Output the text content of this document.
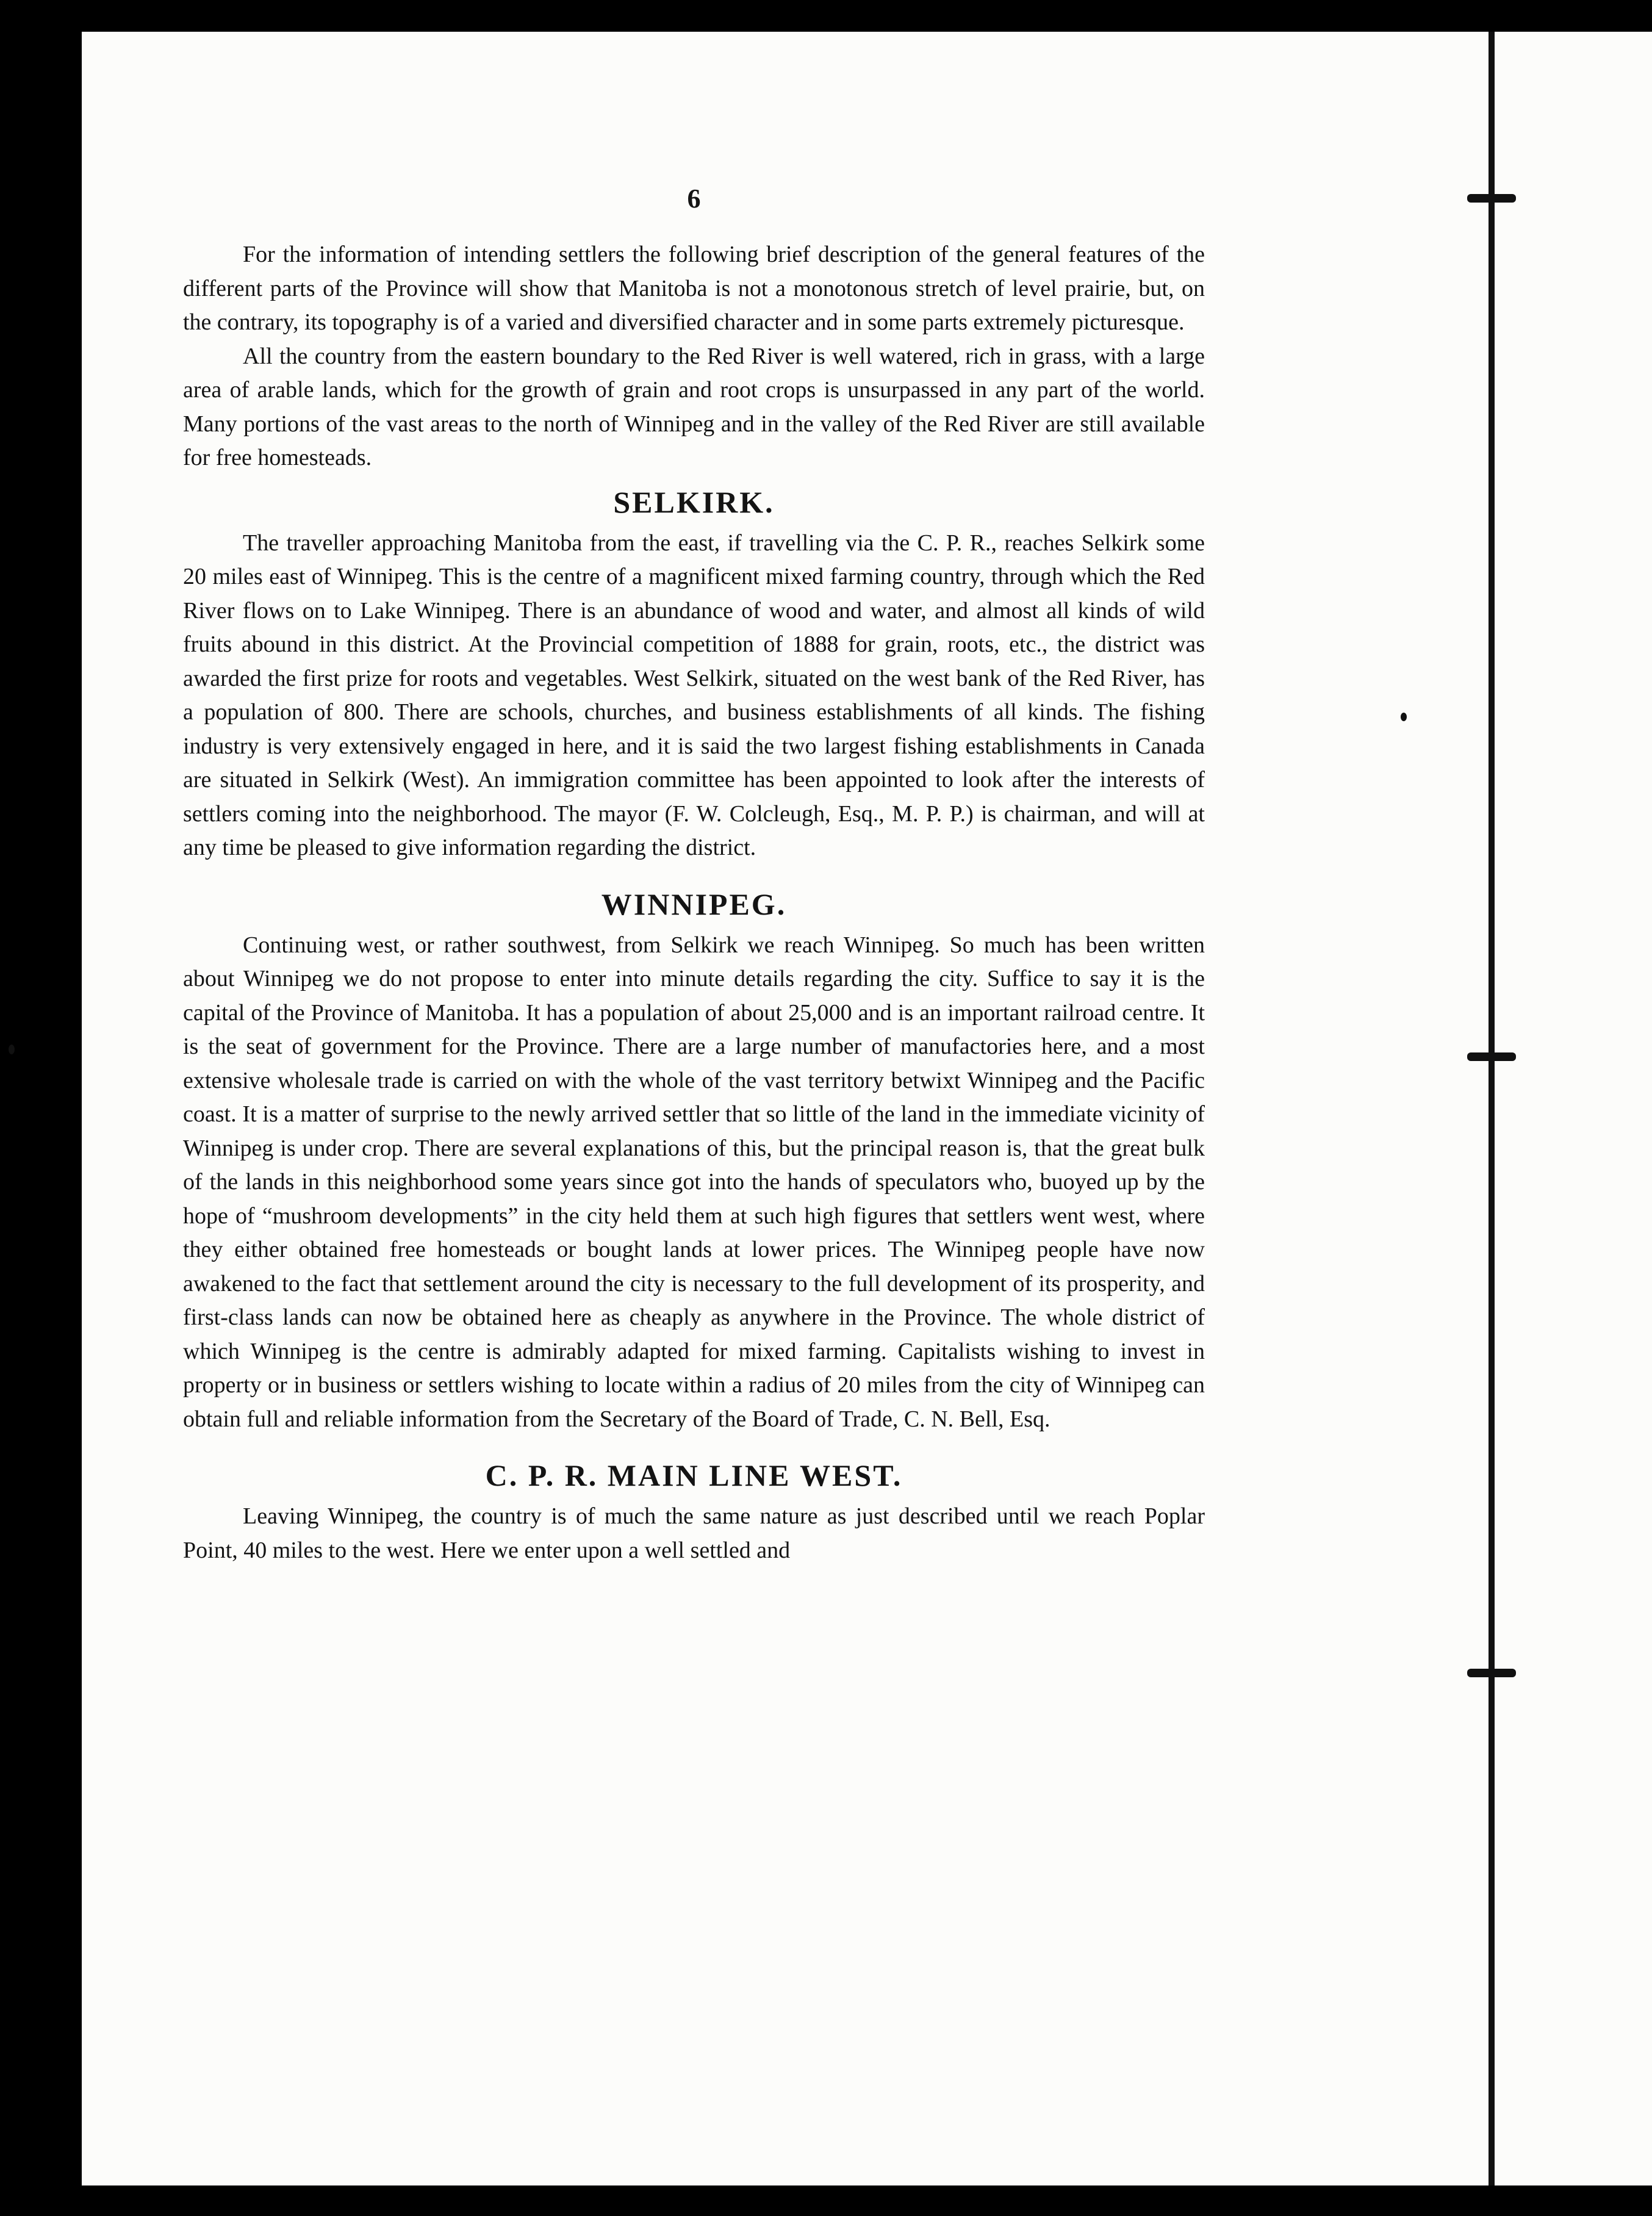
6

For the information of intending settlers the following brief description of the general features of the different parts of the Province will show that Manitoba is not a monotonous stretch of level prairie, but, on the contrary, its topography is of a varied and diversified character and in some parts extremely picturesque.

All the country from the eastern boundary to the Red River is well watered, rich in grass, with a large area of arable lands, which for the growth of grain and root crops is unsurpassed in any part of the world. Many portions of the vast areas to the north of Winnipeg and in the valley of the Red River are still available for free homesteads.

SELKIRK.

The traveller approaching Manitoba from the east, if travelling via the C. P. R., reaches Selkirk some 20 miles east of Winnipeg. This is the centre of a magnificent mixed farming country, through which the Red River flows on to Lake Winnipeg. There is an abundance of wood and water, and almost all kinds of wild fruits abound in this district. At the Provincial competition of 1888 for grain, roots, etc., the district was awarded the first prize for roots and vegetables. West Selkirk, situated on the west bank of the Red River, has a population of 800. There are schools, churches, and business establishments of all kinds. The fishing industry is very extensively engaged in here, and it is said the two largest fishing establishments in Canada are situated in Selkirk (West). An immigration committee has been appointed to look after the interests of settlers coming into the neighborhood. The mayor (F. W. Colcleugh, Esq., M. P. P.) is chairman, and will at any time be pleased to give information regarding the district.

WINNIPEG.

Continuing west, or rather southwest, from Selkirk we reach Winnipeg. So much has been written about Winnipeg we do not propose to enter into minute details regarding the city. Suffice to say it is the capital of the Province of Manitoba. It has a population of about 25,000 and is an important railroad centre. It is the seat of government for the Province. There are a large number of manufactories here, and a most extensive wholesale trade is carried on with the whole of the vast territory betwixt Winnipeg and the Pacific coast. It is a matter of surprise to the newly arrived settler that so little of the land in the immediate vicinity of Winnipeg is under crop. There are several explanations of this, but the principal reason is, that the great bulk of the lands in this neighborhood some years since got into the hands of speculators who, buoyed up by the hope of “mushroom developments” in the city held them at such high figures that settlers went west, where they either obtained free homesteads or bought lands at lower prices. The Winnipeg people have now awakened to the fact that settlement around the city is necessary to the full development of its prosperity, and first-class lands can now be obtained here as cheaply as anywhere in the Province. The whole district of which Winnipeg is the centre is admirably adapted for mixed farming. Capitalists wishing to invest in property or in business or settlers wishing to locate within a radius of 20 miles from the city of Winnipeg can obtain full and reliable information from the Secretary of the Board of Trade, C. N. Bell, Esq.

C. P. R. MAIN LINE WEST.

Leaving Winnipeg, the country is of much the same nature as just described until we reach Poplar Point, 40 miles to the west. Here we enter upon a well settled and
